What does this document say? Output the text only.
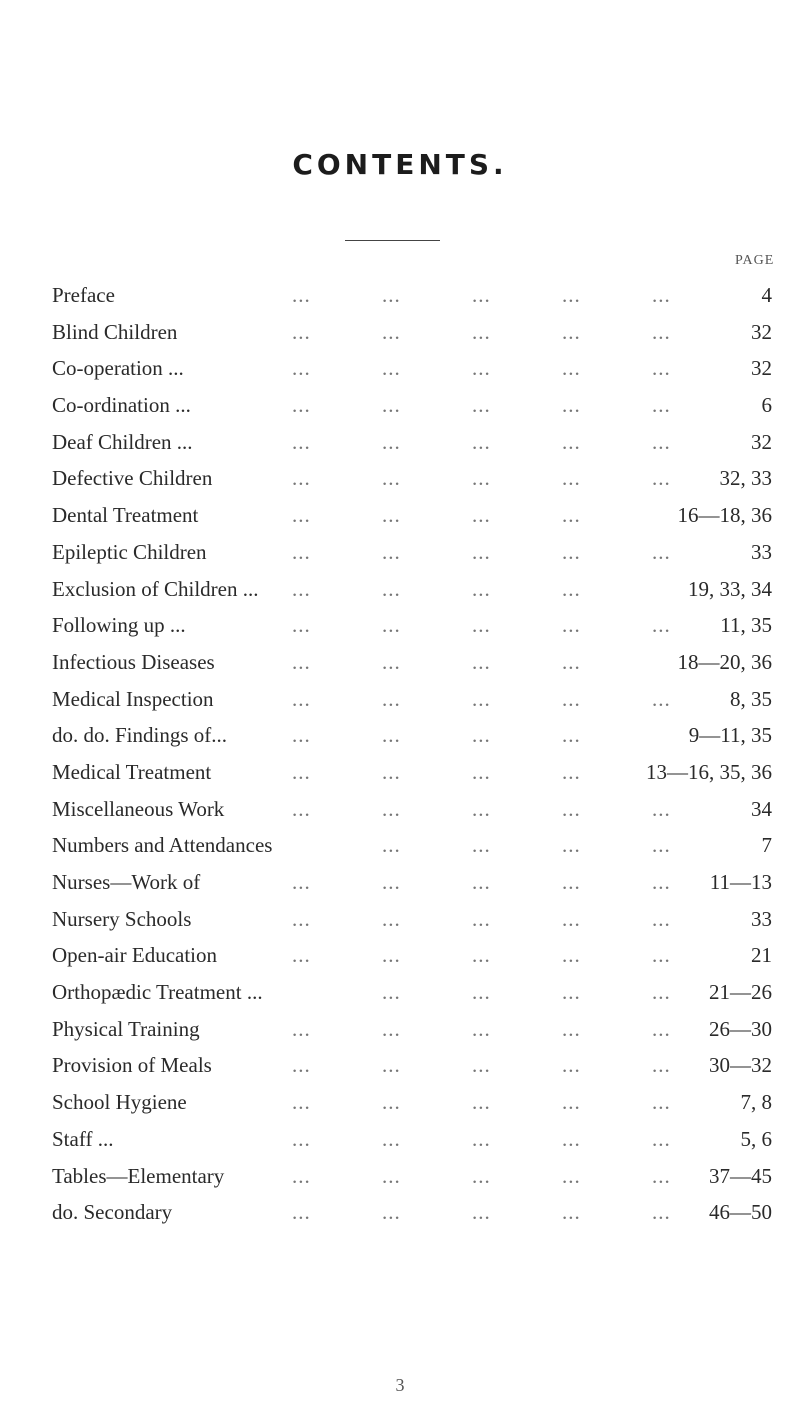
CONTENTS.
PAGE
Preface	...	...	...	...	...	4
Blind Children	...	...	...	...	...	32
Co-operation ...	...	...	...	...	...	32
Co-ordination ...	...	...	...	...	...	6
Deaf Children ...	...	...	...	...	...	32
Defective Children	...	...	...	...	... 32, 33
Dental Treatment	...	...	...	...	16—18, 36
Epileptic Children	...	...	...	...	...	33
Exclusion of Children ... ...	...	...	...	19, 33, 34
Following up ...	...	...	...	...	... 11, 35
Infectious Diseases	...	...	...	...	18—20, 36
Medical Inspection	...	...	...	...	...	8, 35
do. do. Findings of...	...	...	...	...	9—11, 35
Medical Treatment	...	...	...	...	13—16, 35, 36
Miscellaneous Work	...	...	...	...	...	34
Numbers and Attendances	...	...	...	...	7
Nurses—Work of	...	...	...	...	... 11—13
Nursery Schools	...	...	...	...	...	33
Open-air Education	...	...	...	...	...	21
Orthopædic Treatment ...	...	...	...	... 21—26
Physical Training	...	...	...	...	... 26—30
Provision of Meals	...	...	...	...	... 30—32
School Hygiene	...	...	...	...	...	7, 8
Staff ...	...	...	...	...	...	5, 6
Tables—Elementary	...	...	...	...	... 37—45
do. Secondary	...	...	...	...	... 46—50
3
